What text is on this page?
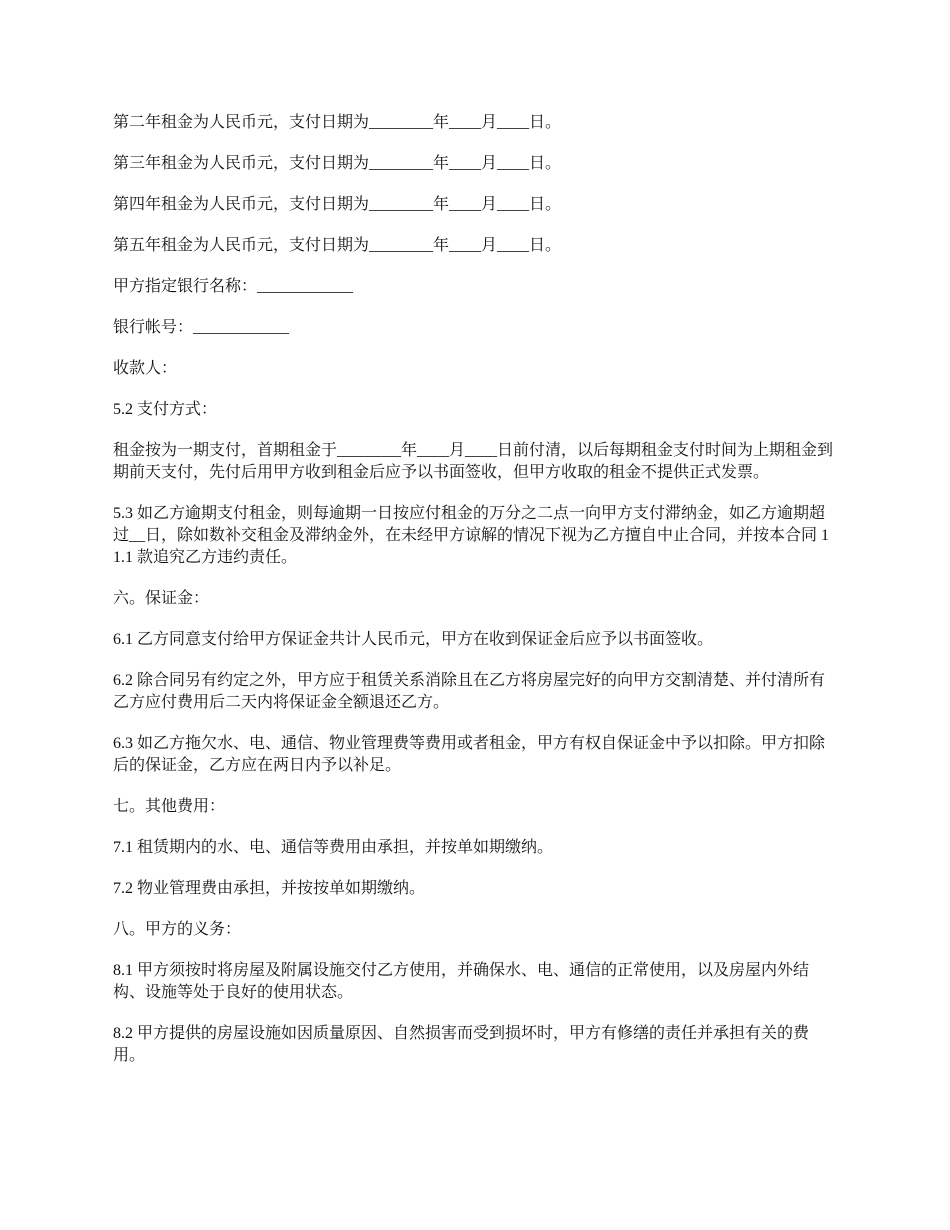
第二年租金为人民币元，支付日期为________年____月____日。

第三年租金为人民币元，支付日期为________年____月____日。

第四年租金为人民币元，支付日期为________年____月____日。

第五年租金为人民币元，支付日期为________年____月____日。

甲方指定银行名称：____________

银行帐号：____________

收款人：

5.2 支付方式：

租金按为一期支付，首期租金于________年____月____日前付清，以后每期租金支付时间为上期租金到期前天支付，先付后用甲方收到租金后应予以书面签收，但甲方收取的租金不提供正式发票。

5.3 如乙方逾期支付租金，则每逾期一日按应付租金的万分之二点一向甲方支付滞纳金，如乙方逾期超过__日，除如数补交租金及滞纳金外，在未经甲方谅解的情况下视为乙方擅自中止合同，并按本合同 11.1 款追究乙方违约责任。

六。保证金：

6.1 乙方同意支付给甲方保证金共计人民币元，甲方在收到保证金后应予以书面签收。

6.2 除合同另有约定之外，甲方应于租赁关系消除且在乙方将房屋完好的向甲方交割清楚、并付清所有乙方应付费用后二天内将保证金全额退还乙方。

6.3 如乙方拖欠水、电、通信、物业管理费等费用或者租金，甲方有权自保证金中予以扣除。甲方扣除后的保证金，乙方应在两日内予以补足。

七。其他费用：

7.1 租赁期内的水、电、通信等费用由承担，并按单如期缴纳。

7.2 物业管理费由承担，并按按单如期缴纳。

八。甲方的义务：

8.1 甲方须按时将房屋及附属设施交付乙方使用，并确保水、电、通信的正常使用，以及房屋内外结构、设施等处于良好的使用状态。

8.2 甲方提供的房屋设施如因质量原因、自然损害而受到损坏时，甲方有修缮的责任并承担有关的费用。
